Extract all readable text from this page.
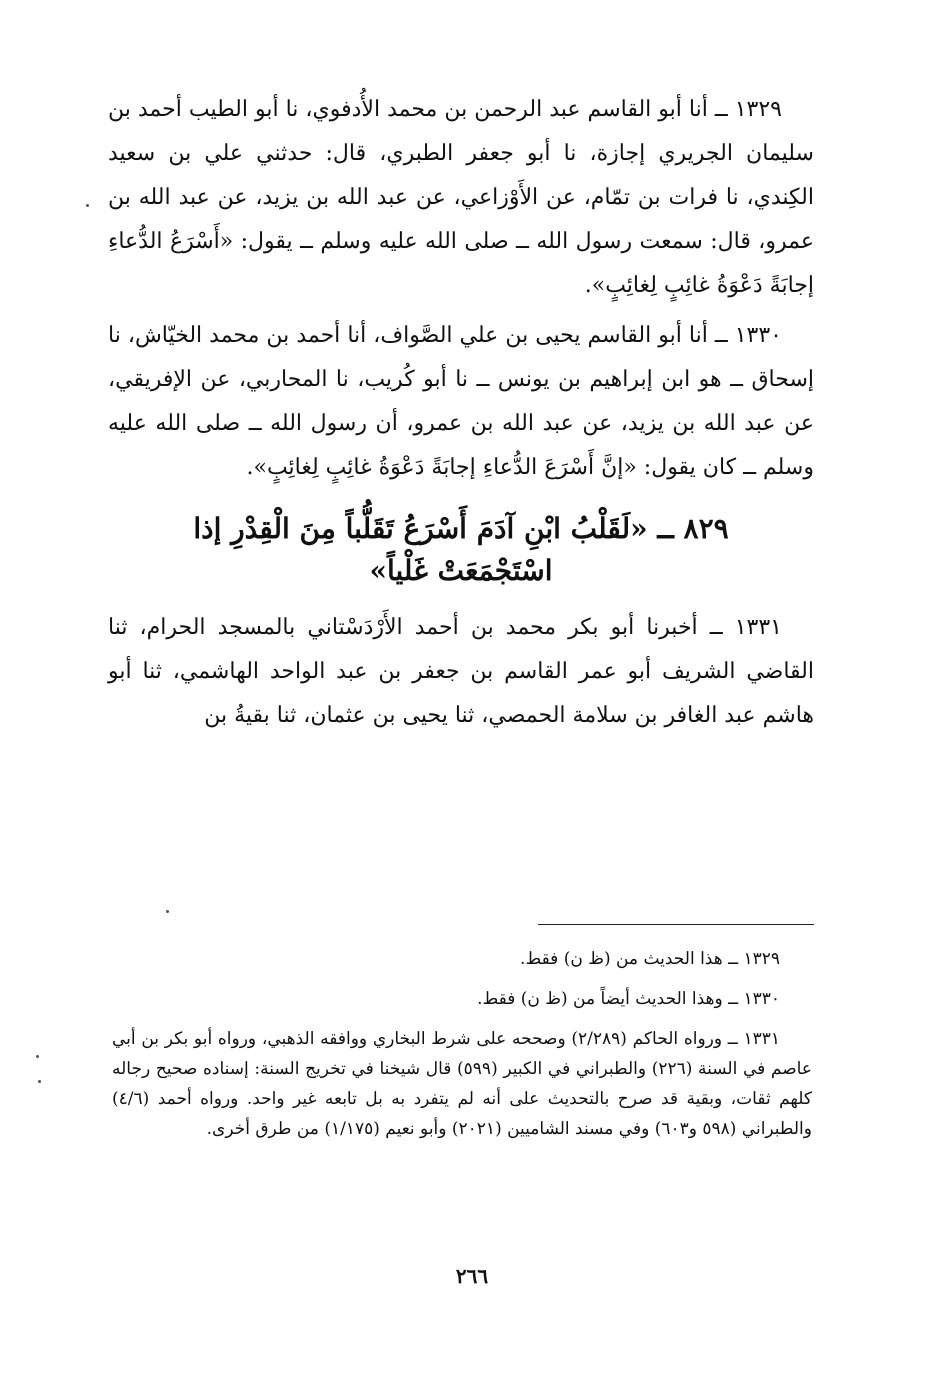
١٣٢٩ ــ أنا أبو القاسم عبد الرحمن بن محمد الأُدفوي، نا أبو الطيب أحمد بن سليمان الجريري إجازة، نا أبو جعفر الطبري، قال: حدثني علي بن سعيد الكِندي، نا فرات بن تمّام، عن الأَوْزاعي، عن عبد الله بن يزيد، عن عبد الله بن عمرو، قال: سمعت رسول الله ــ صلى الله عليه وسلم ــ يقول: «أَسْرَعُ الدُّعاءِ إجابَةً دَعْوَةُ غائِبٍ لِغائِبٍ».

١٣٣٠ ــ أنا أبو القاسم يحيى بن علي الصَّواف، أنا أحمد بن محمد الخيّاش، نا إسحاق ــ هو ابن إبراهيم بن يونس ــ نا أبو كُريب، نا المحاربي، عن الإفريقي، عن عبد الله بن يزيد، عن عبد الله بن عمرو، أن رسول الله ــ صلى الله عليه وسلم ــ كان يقول: «إنَّ أَسْرَعَ الدُّعاءِ إجابَةً دَعْوَةُ غائِبٍ لِغائِبٍ».

٨٢٩ ــ «لَقَلْبُ ابْنِ آدَمَ أَسْرَعُ تَقَلُّباً مِنَ الْقِدْرِ إذا اسْتَجْمَعَتْ غَلْياً»

١٣٣١ ــ أخبرنا أبو بكر محمد بن أحمد الأَرْدَسْتاني بالمسجد الحرام، ثنا القاضي الشريف أبو عمر القاسم بن جعفر بن عبد الواحد الهاشمي، ثنا أبو هاشم عبد الغافر بن سلامة الحمصي، ثنا يحيى بن عثمان، ثنا بقيةُ بن

١٣٢٩ ــ هذا الحديث من (ظ ن) فقط.

١٣٣٠ ــ وهذا الحديث أيضاً من (ظ ن) فقط.

١٣٣١ ــ ورواه الحاكم (٢/٢٨٩) وصححه على شرط البخاري ووافقه الذهبي، ورواه أبو بكر بن أبي عاصم في السنة (٢٢٦) والطبراني في الكبير (٥٩٩) قال شيخنا في تخريج السنة: إسناده صحيح رجاله كلهم ثقات، وبقية قد صرح بالتحديث على أنه لم يتفرد به بل تابعه غير واحد. ورواه أحمد (٤/٦) والطبراني (٥٩٨ و٦٠٣) وفي مسند الشاميين (٢٠٢١) وأبو نعيم (١/١٧٥) من طرق أخرى.

٢٦٦
